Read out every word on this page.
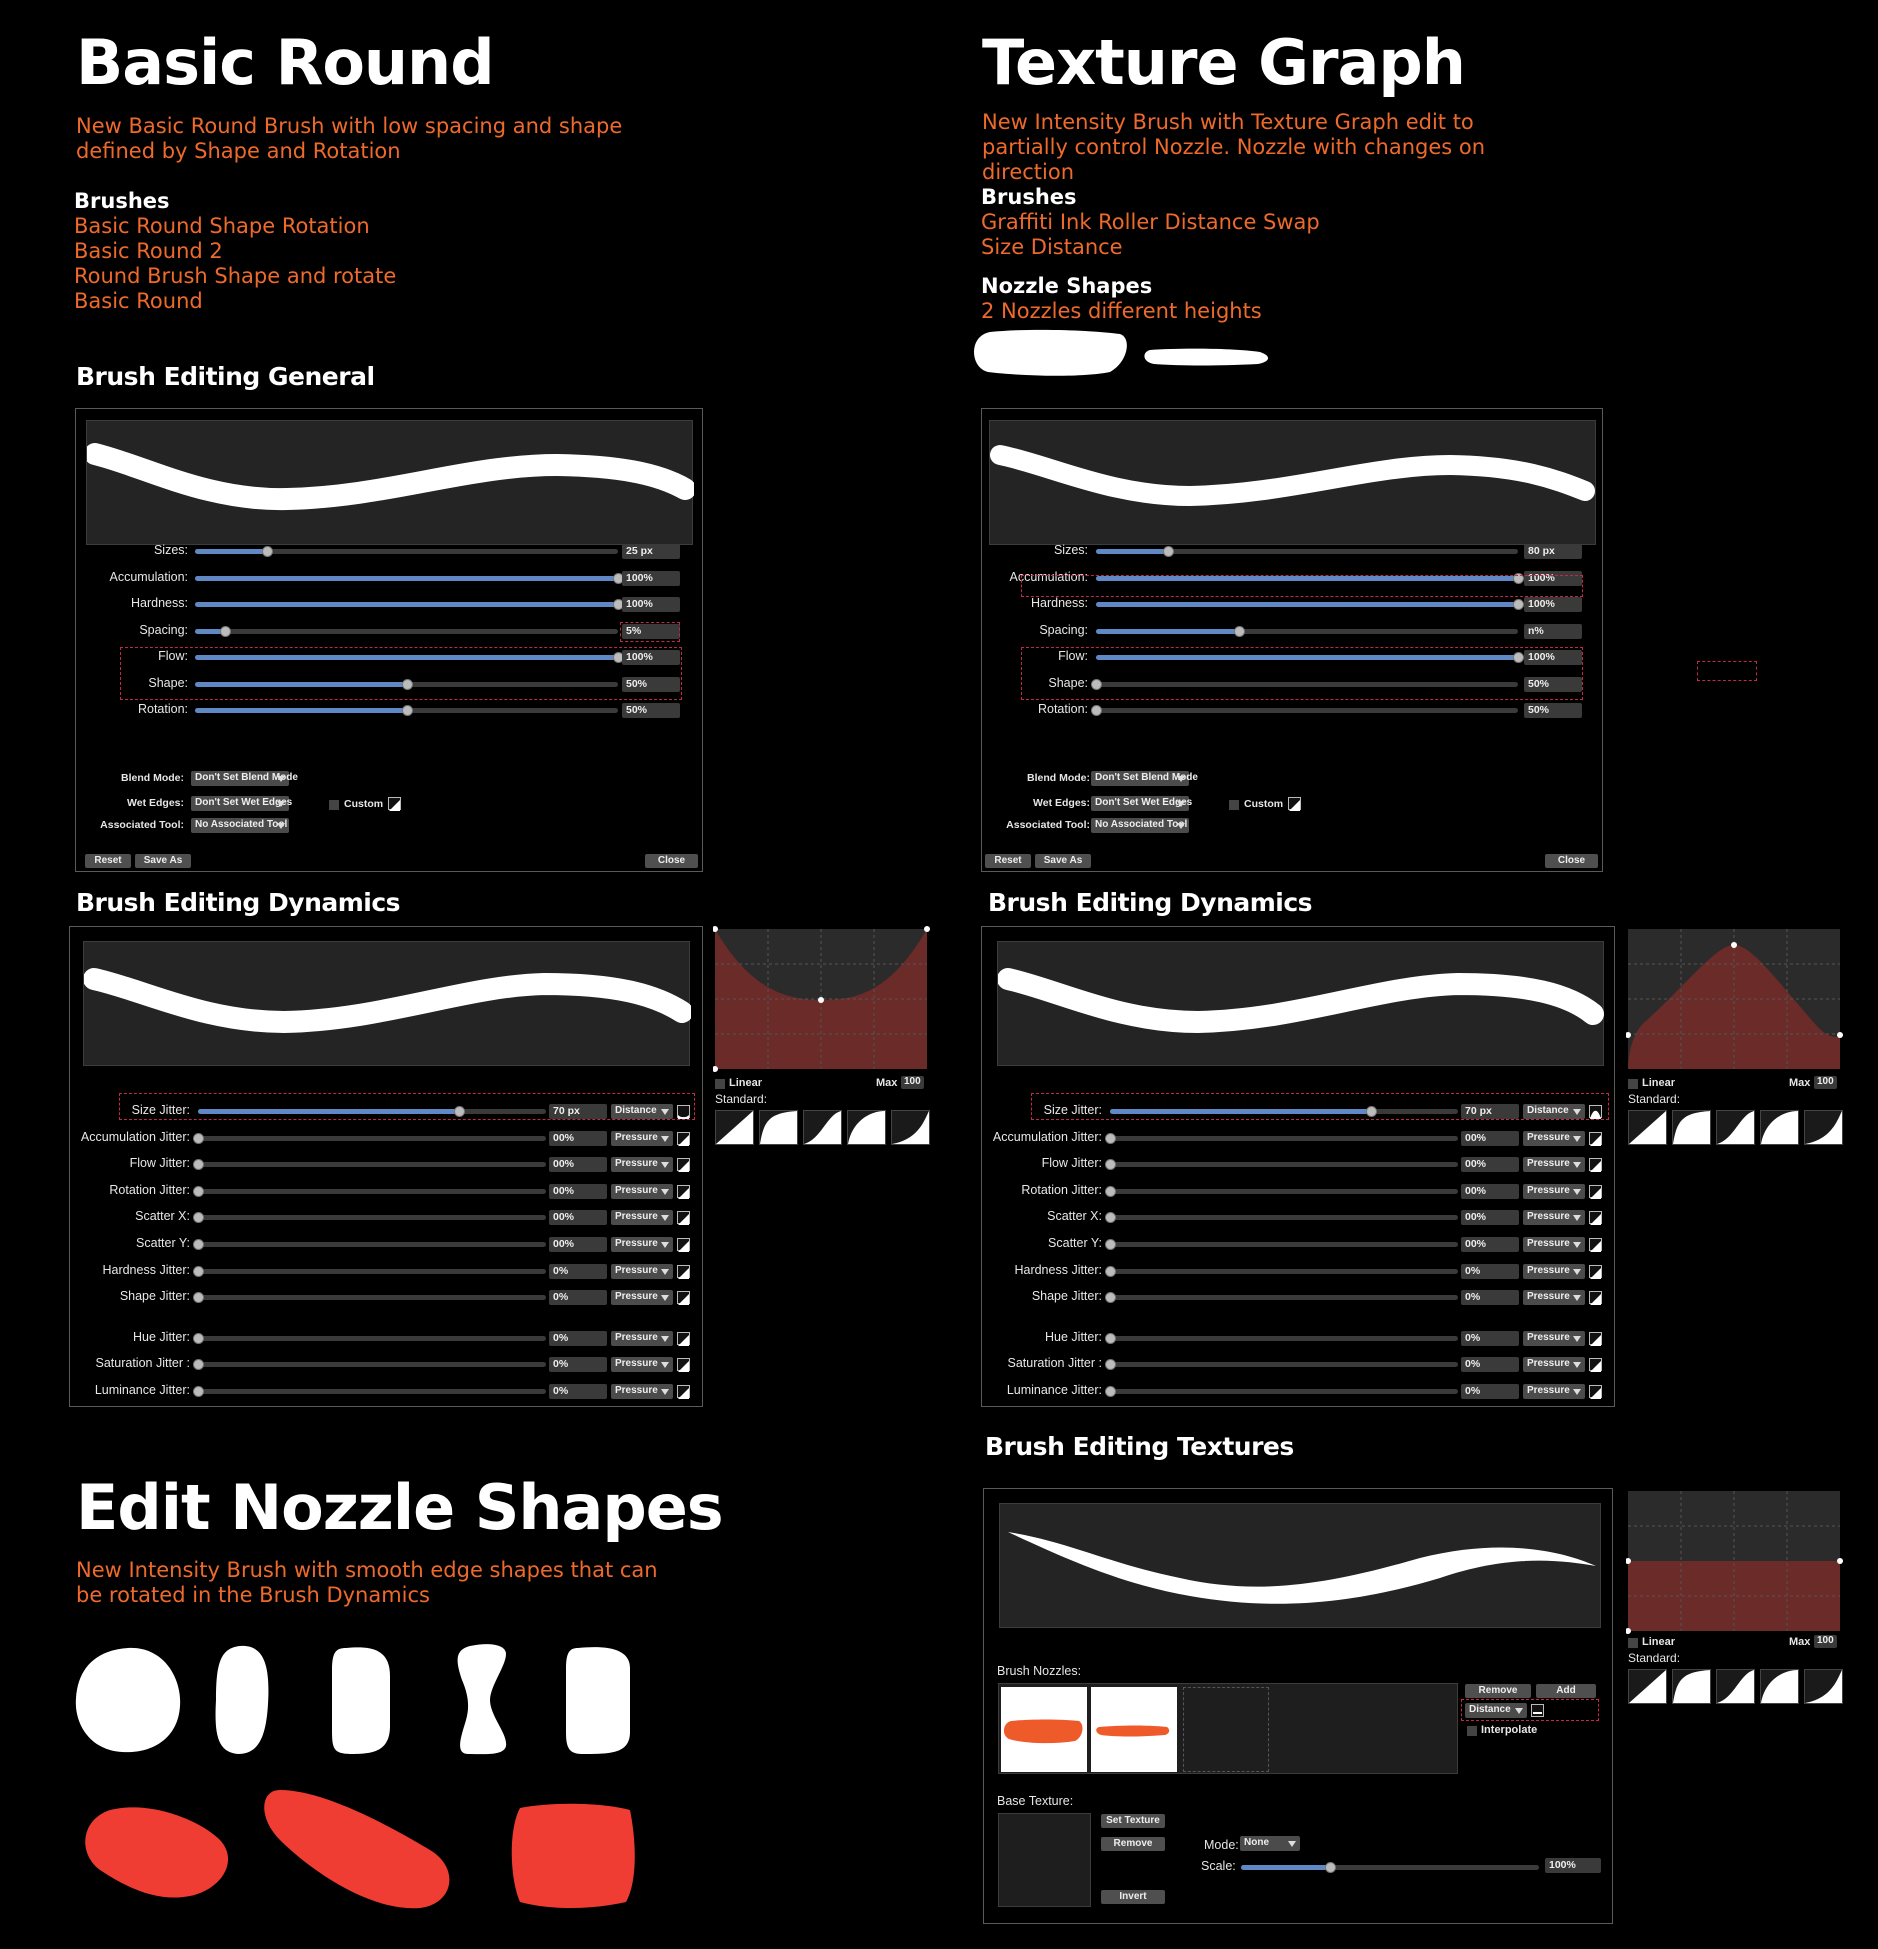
Basic Round
New Basic Round Brush with low spacing and shape
defined by Shape and Rotation
Brushes
Basic Round Shape Rotation
Basic Round 2
Round Brush Shape and rotate
Basic Round
Texture Graph
New Intensity Brush with Texture Graph edit to
partially control Nozzle. Nozzle with changes on
direction
Brushes
Graffiti Ink Roller Distance Swap
Size Distance
Nozzle Shapes
2 Nozzles different heights
Brush Editing General
Brush Editing Dynamics	Brush Editing Dynamics
Brush Editing Textures
Sizes:	25 px
Accumulation:	100%
Hardness:	100%
Spacing:	5%
Flow:	100%
Shape:	50%
Rotation:	50%
Blend Mode:	Don't Set Blend Mode
Wet Edges:	Don't Set Wet Edges	Custom
Associated Tool:	No Associated Tool
Reset	Save As	Close
Sizes:	80 px
Accumulation:	100%
Hardness:	100%
Spacing:	n%
Flow:	100%
Shape:	50%
Rotation:	50%
Blend Mode: Don't Set Blend Mode
Wet Edges: Don't Set Wet Edges	Custom
Associated Tool: No Associated Tool
Reset	Save As	Close
Size Jitter:	70 px	Distance
Accumulation Jitter:	00%	Pressure
Flow Jitter:	00%	Pressure
Rotation Jitter:	00%	Pressure
Scatter X:	00%	Pressure
Scatter Y:	00%	Pressure
Hardness Jitter:	0%	Pressure
Shape Jitter:	0%	Pressure
Hue Jitter:	0%	Pressure
Saturation Jitter :	0%	Pressure
Luminance Jitter:	0%	Pressure
Linear	Max 100
Standard:
Size Jitter:	70 px	Distance
Accumulation Jitter:	00%	Pressure
Flow Jitter:	00%	Pressure
Rotation Jitter:	00%	Pressure
Scatter X:	00%	Pressure
Scatter Y:	00%	Pressure
Hardness Jitter:	0%	Pressure
Shape Jitter:	0%	Pressure
Hue Jitter:	0%	Pressure
Saturation Jitter :	0%	Pressure
Luminance Jitter:	0%	Pressure
Linear	Max 100
Standard:
Edit Nozzle Shapes
New Intensity Brush with smooth edge shapes that can
be rotated in the Brush Dynamics
Brush Nozzles:
Remove	Add
Distance
Interpolate
Base Texture:
Set Texture
Remove
Invert
Mode: None
Scale:	100%
Linear	Max 100
Standard:
